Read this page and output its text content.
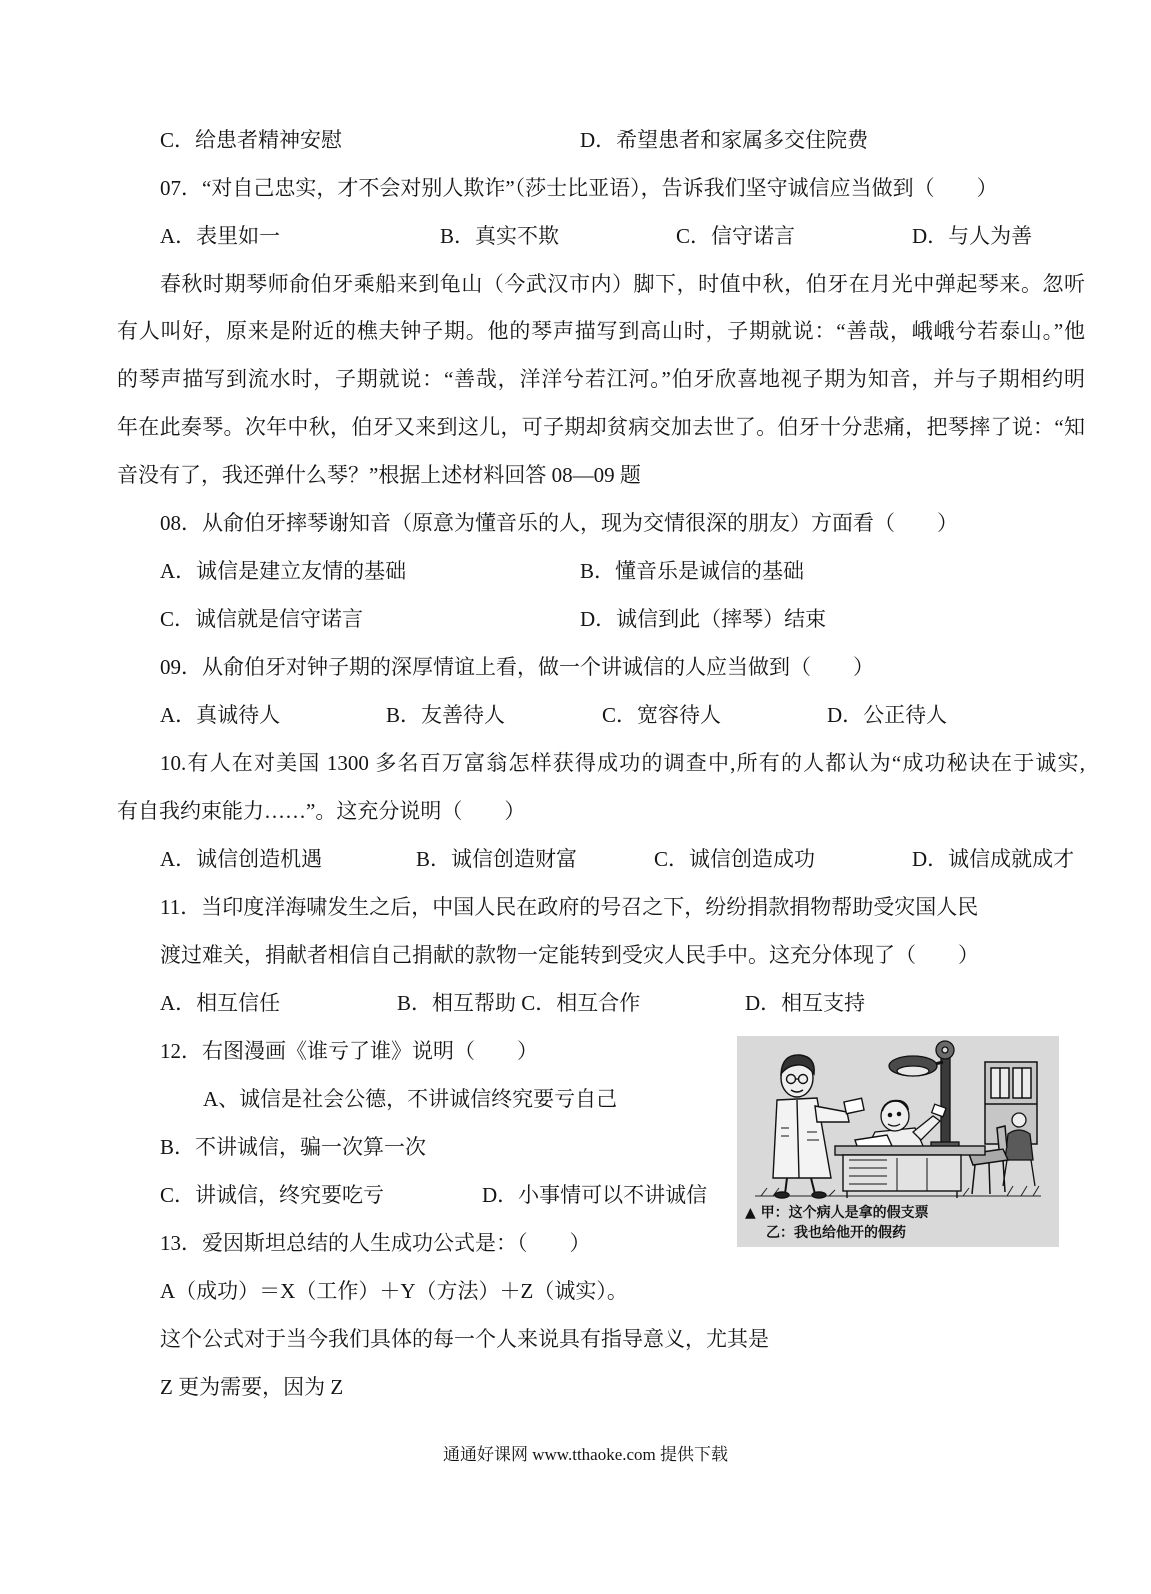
C．给患者精神安慰	D．希望患者和家属多交住院费
07．“对自己忠实，才不会对别人欺诈”（莎士比亚语），告诉我们坚守诚信应当做到（　　）
A．表里如一	B．真实不欺	C．信守诺言	D．与人为善
春秋时期琴师俞伯牙乘船来到龟山（今武汉市内）脚下，时值中秋，伯牙在月光中弹起琴来。忽听
有人叫好，原来是附近的樵夫钟子期。他的琴声描写到高山时，子期就说：“善哉，峨峨兮若泰山。”他
的琴声描写到流水时，子期就说：“善哉，洋洋兮若江河。”伯牙欣喜地视子期为知音，并与子期相约明
年在此奏琴。次年中秋，伯牙又来到这儿，可子期却贫病交加去世了。伯牙十分悲痛，把琴摔了说：“知
音没有了，我还弹什么琴？”根据上述材料回答 08—09 题
08．从俞伯牙摔琴谢知音（原意为懂音乐的人，现为交情很深的朋友）方面看（　　）
A．诚信是建立友情的基础	B．懂音乐是诚信的基础
C．诚信就是信守诺言	D．诚信到此（摔琴）结束
09．从俞伯牙对钟子期的深厚情谊上看，做一个讲诚信的人应当做到（　　）
A．真诚待人	B．友善待人	C．宽容待人	D．公正待人
10.有人在对美国 1300 多名百万富翁怎样获得成功的调查中,所有的人都认为“成功秘诀在于诚实,
有自我约束能力……”。这充分说明（　　）
A．诚信创造机遇	B．诚信创造财富	C．诚信创造成功	D．诚信成就成才
11．当印度洋海啸发生之后，中国人民在政府的号召之下，纷纷捐款捐物帮助受灾国人民
渡过难关，捐献者相信自己捐献的款物一定能转到受灾人民手中。这充分体现了（　　）
A．相互信任	B．相互帮助 C．相互合作	D．相互支持
12．右图漫画《谁亏了谁》说明（　　）
A、诚信是社会公德，不讲诚信终究要亏自己
B．不讲诚信，骗一次算一次
C．讲诚信，终究要吃亏	D．小事情可以不讲诚信
▲ 甲：这个病人是拿的假支票
乙：我也给他开的假药
13．爱因斯坦总结的人生成功公式是：（　　）
A（成功）＝X（工作）＋Y（方法）＋Z（诚实）。
这个公式对于当今我们具体的每一个人来说具有指导意义，尤其是
Z 更为需要，因为 Z
通通好课网 www.tthaoke.com 提供下载
